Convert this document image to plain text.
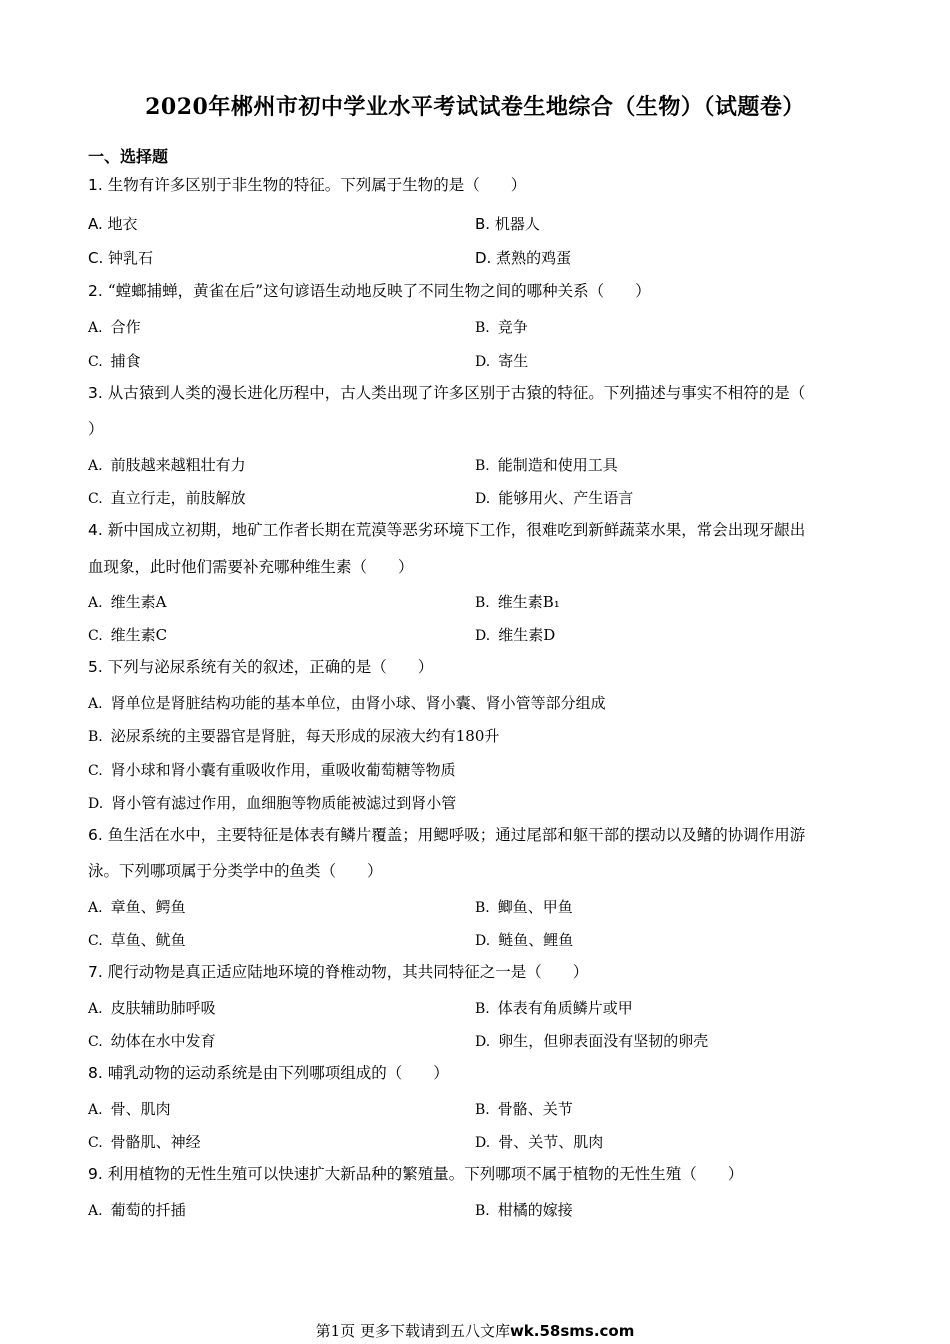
2020年郴州市初中学业水平考试试卷生地综合（生物）（试题卷）
一、选择题
1. 生物有许多区别于非生物的特征。下列属于生物的是（　　）
A. 地衣	B. 机器人
C. 钟乳石	D. 煮熟的鸡蛋
2. “螳螂捕蝉，黄雀在后”这句谚语生动地反映了不同生物之间的哪种关系（　　）
A. 合作	B. 竞争
C. 捕食	D. 寄生
3. 从古猿到人类的漫长进化历程中，古人类出现了许多区别于古猿的特征。下列描述与事实不相符的是（
）
A. 前肢越来越粗壮有力	B. 能制造和使用工具
C. 直立行走，前肢解放	D. 能够用火、产生语言
4. 新中国成立初期，地矿工作者长期在荒漠等恶劣环境下工作，很难吃到新鲜蔬菜水果，常会出现牙龈出
血现象，此时他们需要补充哪种维生素（　　）
A. 维生素A	B. 维生素B₁
C. 维生素C	D. 维生素D
5. 下列与泌尿系统有关的叙述，正确的是（　　）
A. 肾单位是肾脏结构功能的基本单位，由肾小球、肾小囊、肾小管等部分组成
B. 泌尿系统的主要器官是肾脏，每天形成的尿液大约有180升
C. 肾小球和肾小囊有重吸收作用，重吸收葡萄糖等物质
D. 肾小管有滤过作用，血细胞等物质能被滤过到肾小管
6. 鱼生活在水中，主要特征是体表有鳞片覆盖；用鳃呼吸；通过尾部和躯干部的摆动以及鳍的协调作用游
泳。下列哪项属于分类学中的鱼类（　　）
A. 章鱼、鳄鱼	B. 鲫鱼、甲鱼
C. 草鱼、鱿鱼	D. 鲢鱼、鲤鱼
7. 爬行动物是真正适应陆地环境的脊椎动物，其共同特征之一是（　　）
A. 皮肤辅助肺呼吸	B. 体表有角质鳞片或甲
C. 幼体在水中发育	D. 卵生，但卵表面没有坚韧的卵壳
8. 哺乳动物的运动系统是由下列哪项组成的（　　）
A. 骨、肌肉	B. 骨骼、关节
C. 骨骼肌、神经	D. 骨、关节、肌肉
9. 利用植物的无性生殖可以快速扩大新品种的繁殖量。下列哪项不属于植物的无性生殖（　　）
A. 葡萄的扦插	B. 柑橘的嫁接
第1页 更多下载请到五八文库wk.58sms.com
